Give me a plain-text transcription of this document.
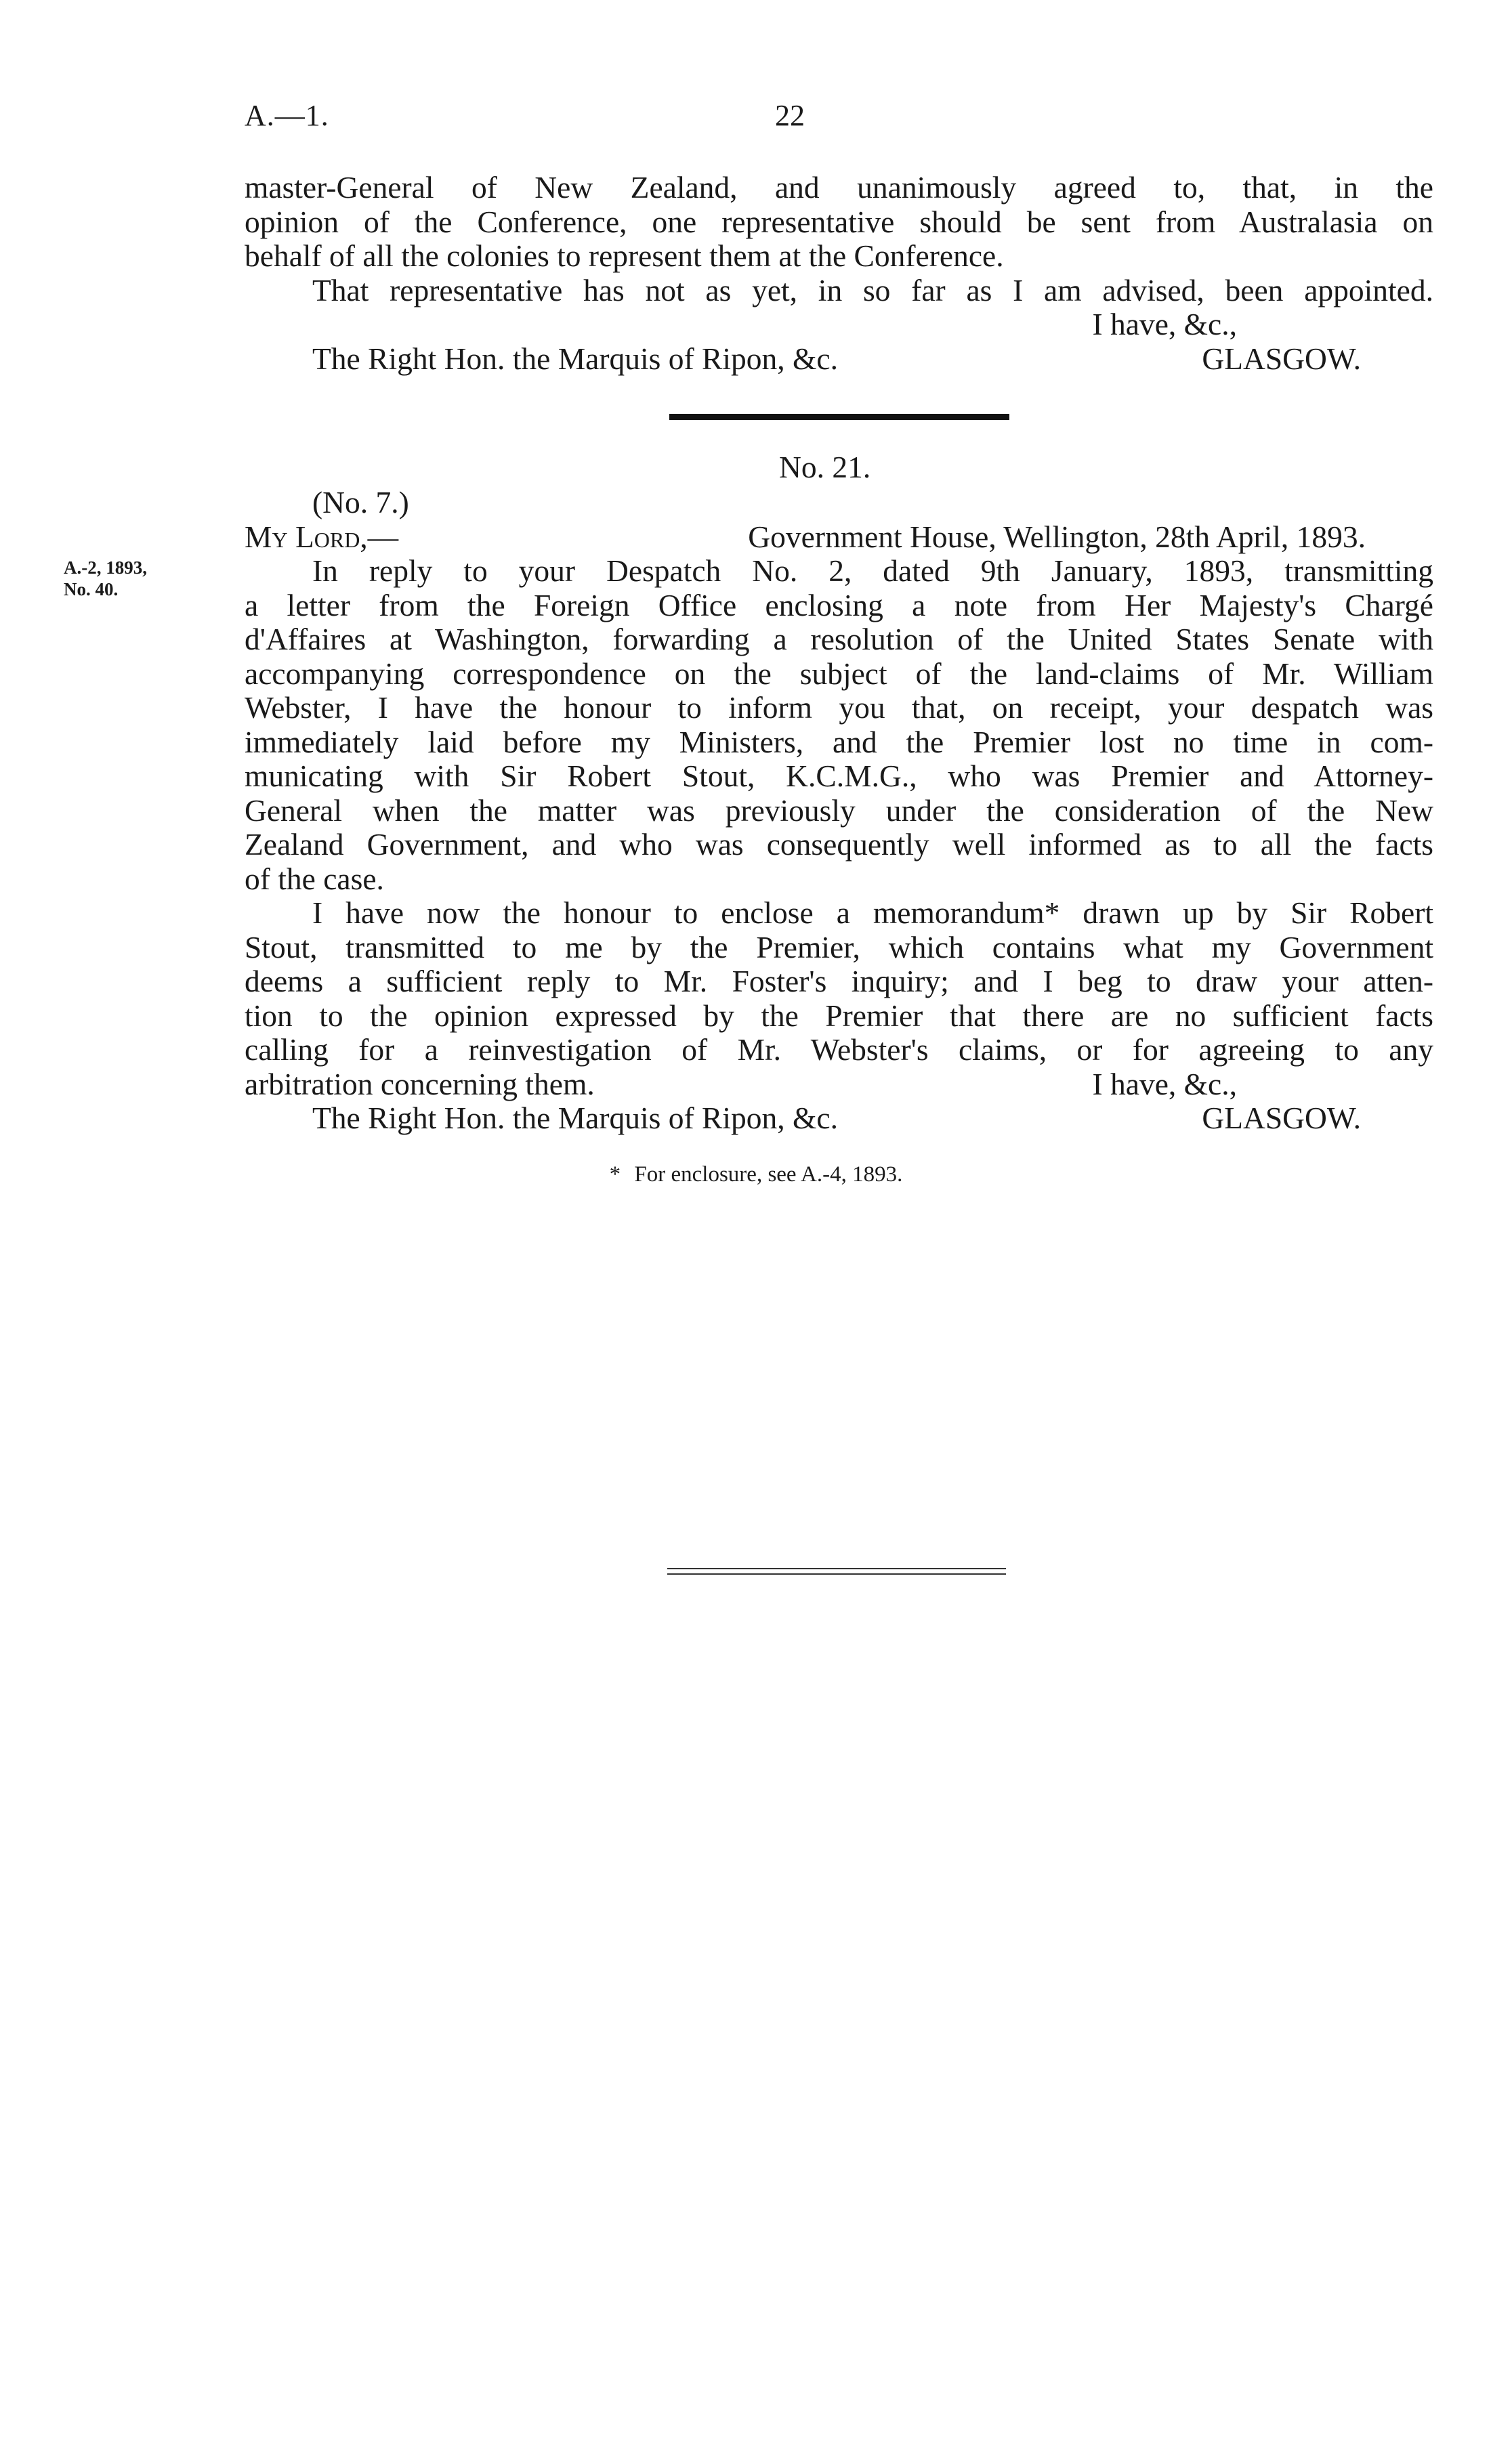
A.—1.	22
master-General of New Zealand, and unanimously agreed to, that, in the
opinion of the Conference, one representative should be sent from Australasia on
behalf of all the colonies to represent them at the Conference.
That representative has not as yet, in so far as I am advised, been appointed.
I have, &c.,
The Right Hon. the Marquis of Ripon, &c.	GLASGOW.
No. 21.
A.-2, 1893,
No. 40.
(No. 7.)
My Lord,—	Government House, Wellington, 28th April, 1893.
In reply to your Despatch No. 2, dated 9th January, 1893, transmitting
a letter from the Foreign Office enclosing a note from Her Majesty's Chargé
d'Affaires at Washington, forwarding a resolution of the United States Senate with
accompanying correspondence on the subject of the land-claims of Mr. William
Webster, I have the honour to inform you that, on receipt, your despatch was
immediately laid before my Ministers, and the Premier lost no time in com-
municating with Sir Robert Stout, K.C.M.G., who was Premier and Attorney-
General when the matter was previously under the consideration of the New
Zealand Government, and who was consequently well informed as to all the facts
of the case.
I have now the honour to enclose a memorandum* drawn up by Sir Robert
Stout, transmitted to me by the Premier, which contains what my Government
deems a sufficient reply to Mr. Foster's inquiry; and I beg to draw your atten-
tion to the opinion expressed by the Premier that there are no sufficient facts
calling for a reinvestigation of Mr. Webster's claims, or for agreeing to any
arbitration concerning them.	I have, &c.,
The Right Hon. the Marquis of Ripon, &c.	GLASGOW.
* For enclosure, see A.-4, 1893.
